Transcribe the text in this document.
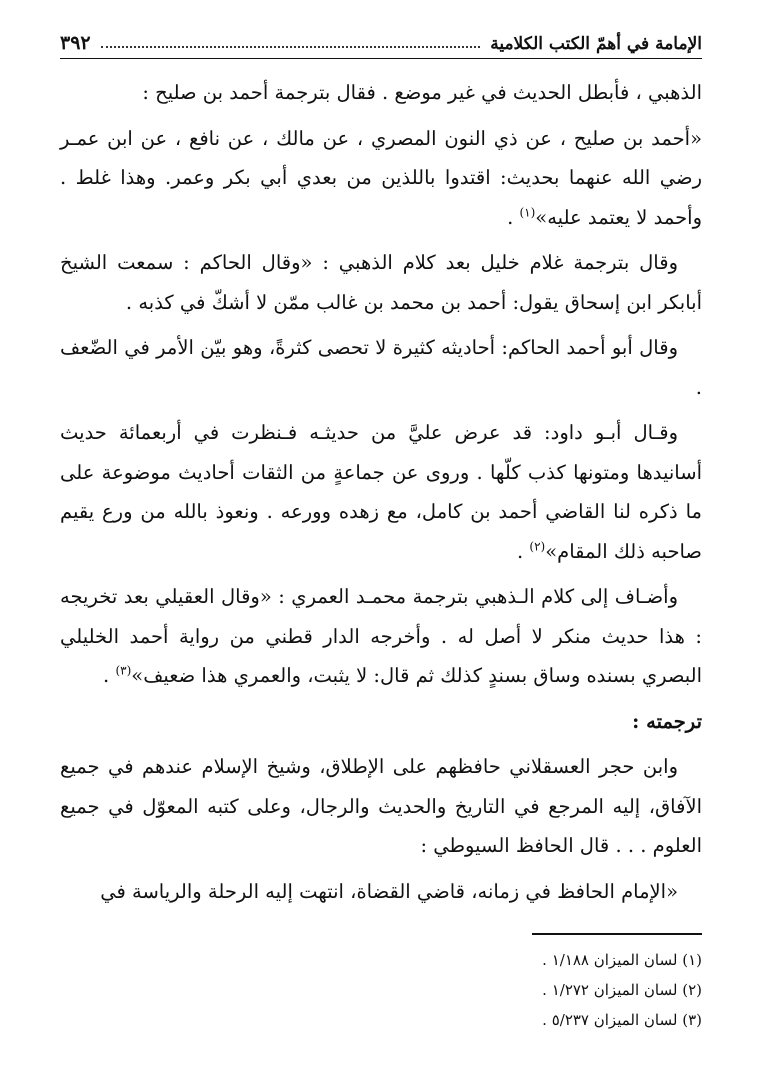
الإمامة في أهمّ الكتب الكلامية
٣٩٢

الذهبي ، فأبطل الحديث في غير موضع . فقال بترجمة أحمد بن صليح :

«أحمد بن صليح ، عن ذي النون المصري ، عن مالك ، عن نافع ، عن ابن عمـر رضي الله عنهما بحديث: اقتدوا باللذين من بعدي أبي بكر وعمر. وهذا غلط . وأحمد لا يعتمد عليه»$^{(١)}$ .

وقال بترجمة غلام خليل بعد كلام الذهبي : «وقال الحاكم : سمعت الشيخ أبابكر ابن إسحاق يقول: أحمد بن محمد بن غالب ممّن لا أشكّ في كذبه .

وقال أبو أحمد الحاكم: أحاديثه كثيرة لا تحصى كثرةً، وهو بيّن الأمر في الضّعف .

وقـال أبـو داود: قد عرض عليَّ من حديثـه فـنظرت في أربعمائة حديث أسانيدها ومتونها كذب كلّها . وروى عن جماعةٍ من الثقات أحاديث موضوعة على ما ذكره لنا القاضي أحمد بن كامل، مع زهده وورعه . ونعوذ بالله من ورع يقيم صاحبه ذلك المقام»$^{(٢)}$ .

وأضـاف إلى كلام الـذهبي بترجمة محمـد العمري : «وقال العقيلي بعد تخريجه : هذا حديث منكر لا أصل له . وأخرجه الدار قطني من رواية أحمد الخليلي البصري بسنده وساق بسندٍ كذلك ثم قال: لا يثبت، والعمري هذا ضعيف»$^{(٣)}$ .

ترجمته :

وابن حجر العسقلاني حافظهم على الإطلاق، وشيخ الإسلام عندهم في جميع الآفاق، إليه المرجع في التاريخ والحديث والرجال، وعلى كتبه المعوّل في جميع العلوم . . . قال الحافظ السيوطي :

«الإمام الحافظ في زمانه، قاضي القضاة، انتهت إليه الرحلة والرياسة في

(١) لسان الميزان ١/١٨٨ .
(٢) لسان الميزان ١/٢٧٢ .
(٣) لسان الميزان ٥/٢٣٧ .
